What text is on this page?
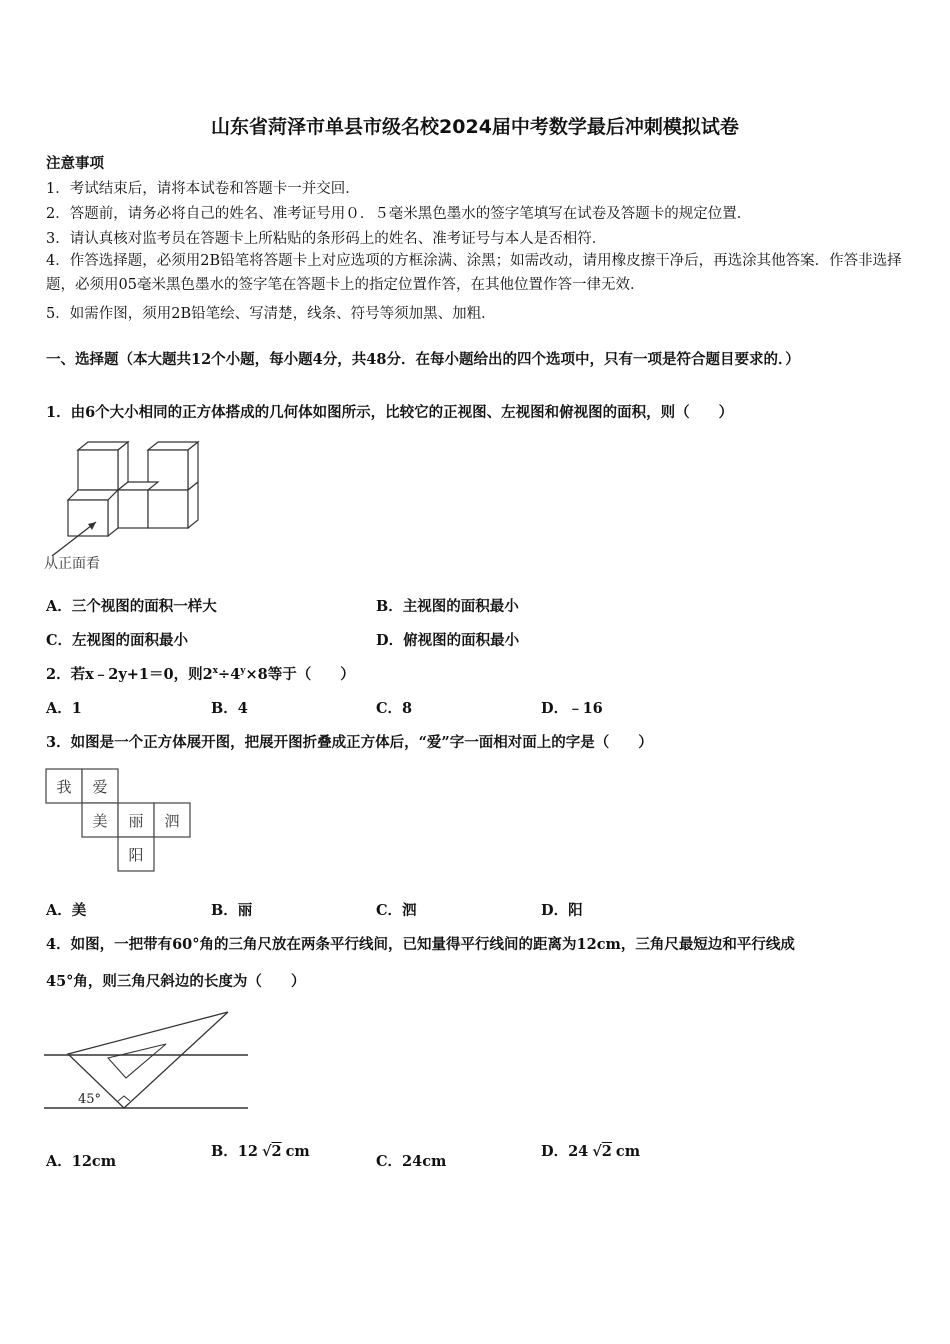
山东省菏泽市单县市级名校2024届中考数学最后冲刺模拟试卷
注意事项
1．考试结束后，请将本试卷和答题卡一并交回．
2．答题前，请务必将自己的姓名、准考证号用０．５毫米黑色墨水的签字笔填写在试卷及答题卡的规定位置．
3．请认真核对监考员在答题卡上所粘贴的条形码上的姓名、准考证号与本人是否相符．
4．作答选择题，必须用2B铅笔将答题卡上对应选项的方框涂满、涂黑；如需改动，请用橡皮擦干净后，再选涂其他答案．作答非选择题，必须用05毫米黑色墨水的签字笔在答题卡上的指定位置作答，在其他位置作答一律无效．
5．如需作图，须用2B铅笔绘、写清楚，线条、符号等须加黑、加粗．
一、选择题（本大题共12个小题，每小题4分，共48分．在每小题给出的四个选项中，只有一项是符合题目要求的．）
1．由6个大小相同的正方体搭成的几何体如图所示，比较它的正视图、左视图和俯视图的面积，则（　　）
从正面看
A．三个视图的面积一样大	B．主视图的面积最小
C．左视图的面积最小	D．俯视图的面积最小
2．若x﹣2y+1＝0，则$2^x\div 4^y\times 8$等于（　　）
A．1	B．4	C．8	D．﹣16
3．如图是一个正方体展开图，把展开图折叠成正方体后，“爱”字一面相对面上的字是（　　）
我 爱
美 丽 泗
阳
A．美	B．丽	C．泗	D．阳
4．如图，一把带有60°角的三角尺放在两条平行线间，已知量得平行线间的距离为12cm，三角尺最短边和平行线成
45°角，则三角尺斜边的长度为（　　）
45°
A．12cm
B．12 √2 cm
C．24cm
D．24 √2 cm
